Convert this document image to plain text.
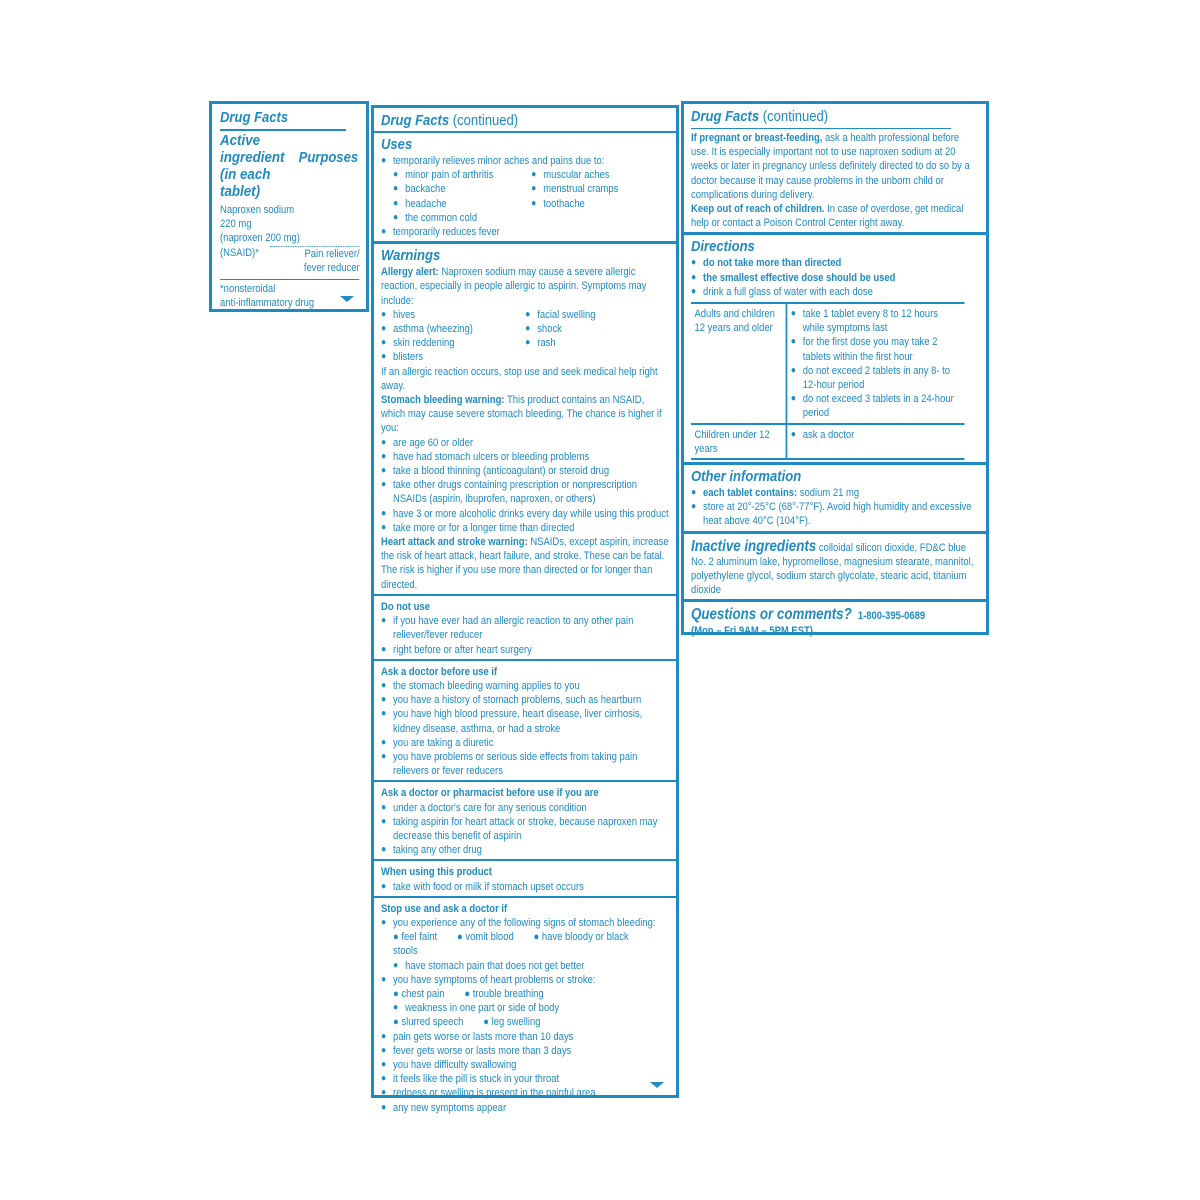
Drug Facts
Active ingredient (in each tablet)
Purposes
Naproxen sodium
220 mg
(naproxen 200 mg)
(NSAID)*	Pain reliever/
fever reducer
*nonsteroidal
anti-inflammatory drug
Drug Facts (continued)
Uses
● temporarily relieves minor aches and pains due to:
● minor pain of arthritis
● backache
● headache
● the common cold
● muscular aches
● menstrual cramps
● toothache
● temporarily reduces fever
Warnings
Allergy alert: Naproxen sodium may cause a severe allergic reaction, especially in people allergic to aspirin. Symptoms may include:
● hives
● asthma (wheezing)
● skin reddening
● blisters
● facial swelling
● shock
● rash
If an allergic reaction occurs, stop use and seek medical help right away.
Stomach bleeding warning: This product contains an NSAID, which may cause severe stomach bleeding. The chance is higher if you:
● are age 60 or older
● have had stomach ulcers or bleeding problems
● take a blood thinning (anticoagulant) or steroid drug
● take other drugs containing prescription or nonprescription NSAIDs (aspirin, ibuprofen, naproxen, or others)
● have 3 or more alcoholic drinks every day while using this product
● take more or for a longer time than directed
Heart attack and stroke warning: NSAIDs, except aspirin, increase the risk of heart attack, heart failure, and stroke. These can be fatal. The risk is higher if you use more than directed or for longer than directed.
Do not use
● if you have ever had an allergic reaction to any other pain reliever/fever reducer
● right before or after heart surgery
Ask a doctor before use if
● the stomach bleeding warning applies to you
● you have a history of stomach problems, such as heartburn
● you have high blood pressure, heart disease, liver cirrhosis, kidney disease, asthma, or had a stroke
● you are taking a diuretic
● you have problems or serious side effects from taking pain relievers or fever reducers
Ask a doctor or pharmacist before use if you are
● under a doctor's care for any serious condition
● taking aspirin for heart attack or stroke, because naproxen may decrease this benefit of aspirin
● taking any other drug
When using this product
● take with food or milk if stomach upset occurs
Stop use and ask a doctor if
● you experience any of the following signs of stomach bleeding:
● feel faint ● vomit blood ● have bloody or black stools
● have stomach pain that does not get better
● you have symptoms of heart problems or stroke:
● chest pain ● trouble breathing
● weakness in one part or side of body
● slurred speech ● leg swelling
● pain gets worse or lasts more than 10 days
● fever gets worse or lasts more than 3 days
● you have difficulty swallowing
● it feels like the pill is stuck in your throat
● redness or swelling is present in the painful area
● any new symptoms appear
Drug Facts (continued)
If pregnant or breast-feeding, ask a health professional before use. It is especially important not to use naproxen sodium at 20 weeks or later in pregnancy unless definitely directed to do so by a doctor because it may cause problems in the unborn child or complications during delivery.
Keep out of reach of children. In case of overdose, get medical help or contact a Poison Control Center right away.
Directions
● do not take more than directed
● the smallest effective dose should be used
● drink a full glass of water with each dose
Adults and children 12 years and older
● take 1 tablet every 8 to 12 hours while symptoms last
● for the first dose you may take 2 tablets within the first hour
● do not exceed 2 tablets in any 8- to 12-hour period
● do not exceed 3 tablets in a 24-hour period
Children under 12 years
● ask a doctor
Other information
● each tablet contains: sodium 21 mg
● store at 20°-25°C (68°-77°F). Avoid high humidity and excessive heat above 40°C (104°F).
Inactive ingredients colloidal silicon dioxide, FD&C blue No. 2 aluminum lake, hypromellose, magnesium stearate, mannitol, polyethylene glycol, sodium starch glycolate, stearic acid, titanium dioxide
Questions or comments? 1-800-395-0689
(Mon – Fri 9AM – 5PM EST)
